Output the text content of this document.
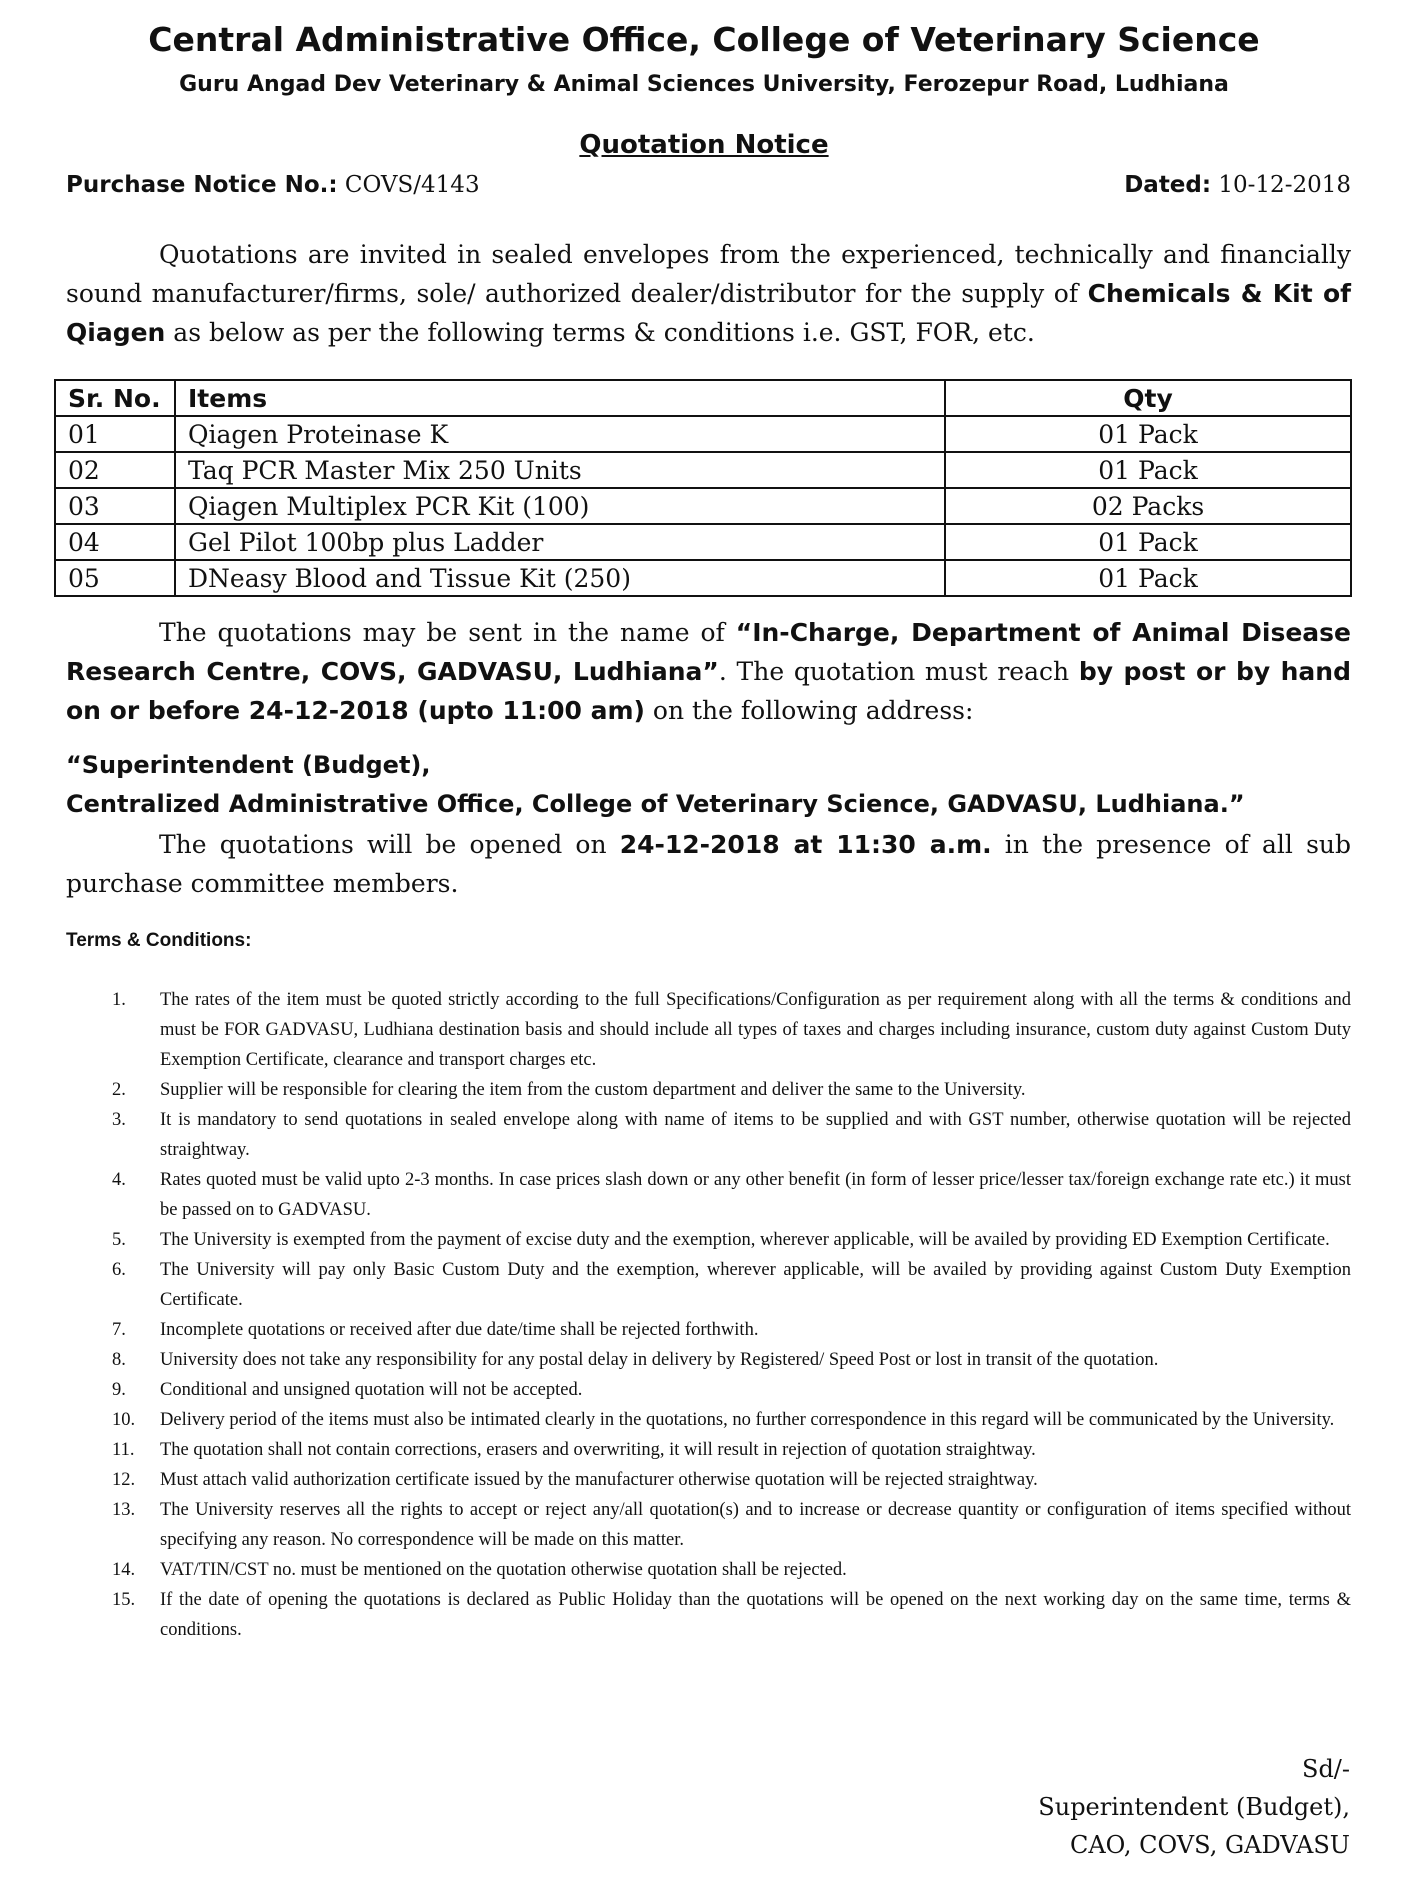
Central Administrative Office, College of Veterinary Science
Guru Angad Dev Veterinary & Animal Sciences University, Ferozepur Road, Ludhiana
Quotation Notice
Purchase Notice No.: COVS/4143	Dated: 10-12-2018
Quotations are invited in sealed envelopes from the experienced, technically and financially sound manufacturer/firms, sole/ authorized dealer/distributor for the supply of Chemicals & Kit of Qiagen as below as per the following terms & conditions i.e. GST, FOR, etc.
Sr. No.	Items	Qty
01	Qiagen Proteinase K	01 Pack
02	Taq PCR Master Mix 250 Units	01 Pack
03	Qiagen Multiplex PCR Kit (100)	02 Packs
04	Gel Pilot 100bp plus Ladder	01 Pack
05	DNeasy Blood and Tissue Kit (250)	01 Pack
The quotations may be sent in the name of “In-Charge, Department of Animal Disease Research Centre, COVS, GADVASU, Ludhiana”. The quotation must reach by post or by hand on or before 24-12-2018 (upto 11:00 am) on the following address:
“Superintendent (Budget),
Centralized Administrative Office, College of Veterinary Science, GADVASU, Ludhiana.”
The quotations will be opened on 24-12-2018 at 11:30 a.m. in the presence of all sub purchase committee members.
Terms & Conditions:
1. The rates of the item must be quoted strictly according to the full Specifications/Configuration as per requirement along with all the terms & conditions and must be FOR GADVASU, Ludhiana destination basis and should include all types of taxes and charges including insurance, custom duty against Custom Duty Exemption Certificate, clearance and transport charges etc.
2. Supplier will be responsible for clearing the item from the custom department and deliver the same to the University.
3. It is mandatory to send quotations in sealed envelope along with name of items to be supplied and with GST number, otherwise quotation will be rejected straightway.
4. Rates quoted must be valid upto 2-3 months. In case prices slash down or any other benefit (in form of lesser price/lesser tax/foreign exchange rate etc.) it must be passed on to GADVASU.
5. The University is exempted from the payment of excise duty and the exemption, wherever applicable, will be availed by providing ED Exemption Certificate.
6. The University will pay only Basic Custom Duty and the exemption, wherever applicable, will be availed by providing against Custom Duty Exemption Certificate.
7. Incomplete quotations or received after due date/time shall be rejected forthwith.
8. University does not take any responsibility for any postal delay in delivery by Registered/ Speed Post or lost in transit of the quotation.
9. Conditional and unsigned quotation will not be accepted.
10. Delivery period of the items must also be intimated clearly in the quotations, no further correspondence in this regard will be communicated by the University.
11. The quotation shall not contain corrections, erasers and overwriting, it will result in rejection of quotation straightway.
12. Must attach valid authorization certificate issued by the manufacturer otherwise quotation will be rejected straightway.
13. The University reserves all the rights to accept or reject any/all quotation(s) and to increase or decrease quantity or configuration of items specified without specifying any reason. No correspondence will be made on this matter.
14. VAT/TIN/CST no. must be mentioned on the quotation otherwise quotation shall be rejected.
15. If the date of opening the quotations is declared as Public Holiday than the quotations will be opened on the next working day on the same time, terms & conditions.
Sd/-
Superintendent (Budget),
CAO, COVS, GADVASU
